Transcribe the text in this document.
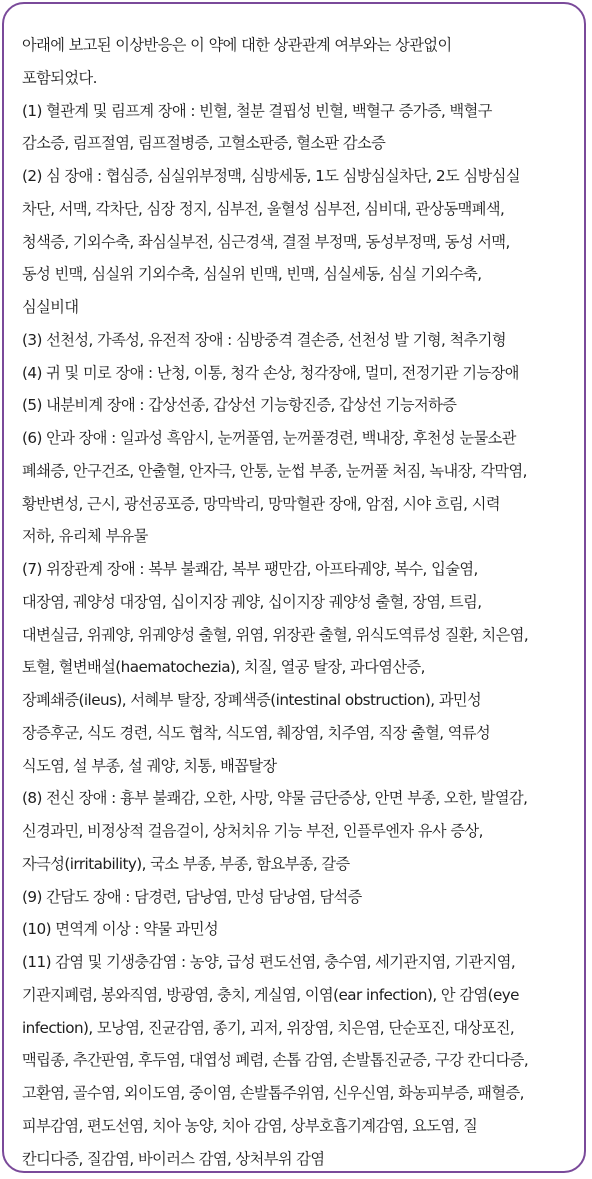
아래에 보고된 이상반응은 이 약에 대한 상관관계 여부와는 상관없이
포함되었다.
(1) 혈관계 및 림프계 장애 : 빈혈, 철분 결핍성 빈혈, 백혈구 증가증, 백혈구
감소증, 림프절염, 림프절병증, 고혈소판증, 혈소판 감소증
(2) 심 장애 : 협심증, 심실위부정맥, 심방세동, 1도 심방심실차단, 2도 심방심실
차단, 서맥, 각차단, 심장 정지, 심부전, 울혈성 심부전, 심비대, 관상동맥폐색,
청색증, 기외수축, 좌심실부전, 심근경색, 결절 부정맥, 동성부정맥, 동성 서맥,
동성 빈맥, 심실위 기외수축, 심실위 빈맥, 빈맥, 심실세동, 심실 기외수축,
심실비대
(3) 선천성, 가족성, 유전적 장애 : 심방중격 결손증, 선천성 발 기형, 척추기형
(4) 귀 및 미로 장애 : 난청, 이통, 청각 손상, 청각장애, 멀미, 전정기관 기능장애
(5) 내분비계 장애 : 갑상선종, 갑상선 기능항진증, 갑상선 기능저하증
(6) 안과 장애 : 일과성 흑암시, 눈꺼풀염, 눈꺼풀경련, 백내장, 후천성 눈물소관
폐쇄증, 안구건조, 안출혈, 안자극, 안통, 눈썹 부종, 눈꺼풀 처짐, 녹내장, 각막염,
황반변성, 근시, 광선공포증, 망막박리, 망막혈관 장애, 암점, 시야 흐림, 시력
저하, 유리체 부유물
(7) 위장관계 장애 : 복부 불쾌감, 복부 팽만감, 아프타궤양, 복수, 입술염,
대장염, 궤양성 대장염, 십이지장 궤양, 십이지장 궤양성 출혈, 장염, 트림,
대변실금, 위궤양, 위궤양성 출혈, 위염, 위장관 출혈, 위식도역류성 질환, 치은염,
토혈, 혈변배설(haematochezia), 치질, 열공 탈장, 과다염산증,
장폐쇄증(ileus), 서혜부 탈장, 장폐색증(intestinal obstruction), 과민성
장증후군, 식도 경련, 식도 협착, 식도염, 췌장염, 치주염, 직장 출혈, 역류성
식도염, 설 부종, 설 궤양, 치통, 배꼽탈장
(8) 전신 장애 : 흉부 불쾌감, 오한, 사망, 약물 금단증상, 안면 부종, 오한, 발열감,
신경과민, 비정상적 걸음걸이, 상처치유 기능 부전, 인플루엔자 유사 증상,
자극성(irritability), 국소 부종, 부종, 함요부종, 갈증
(9) 간담도 장애 : 담경련, 담낭염, 만성 담낭염, 담석증
(10) 면역계 이상 : 약물 과민성
(11) 감염 및 기생충감염 : 농양, 급성 편도선염, 충수염, 세기관지염, 기관지염,
기관지폐렴, 봉와직염, 방광염, 충치, 게실염, 이염(ear infection), 안 감염(eye
infection), 모낭염, 진균감염, 종기, 괴저, 위장염, 치은염, 단순포진, 대상포진,
맥립종, 추간판염, 후두염, 대엽성 폐렴, 손톱 감염, 손발톱진균증, 구강 칸디다증,
고환염, 골수염, 외이도염, 중이염, 손발톱주위염, 신우신염, 화농피부증, 패혈증,
피부감염, 편도선염, 치아 농양, 치아 감염, 상부호흡기계감염, 요도염, 질
칸디다증, 질감염, 바이러스 감염, 상처부위 감염
